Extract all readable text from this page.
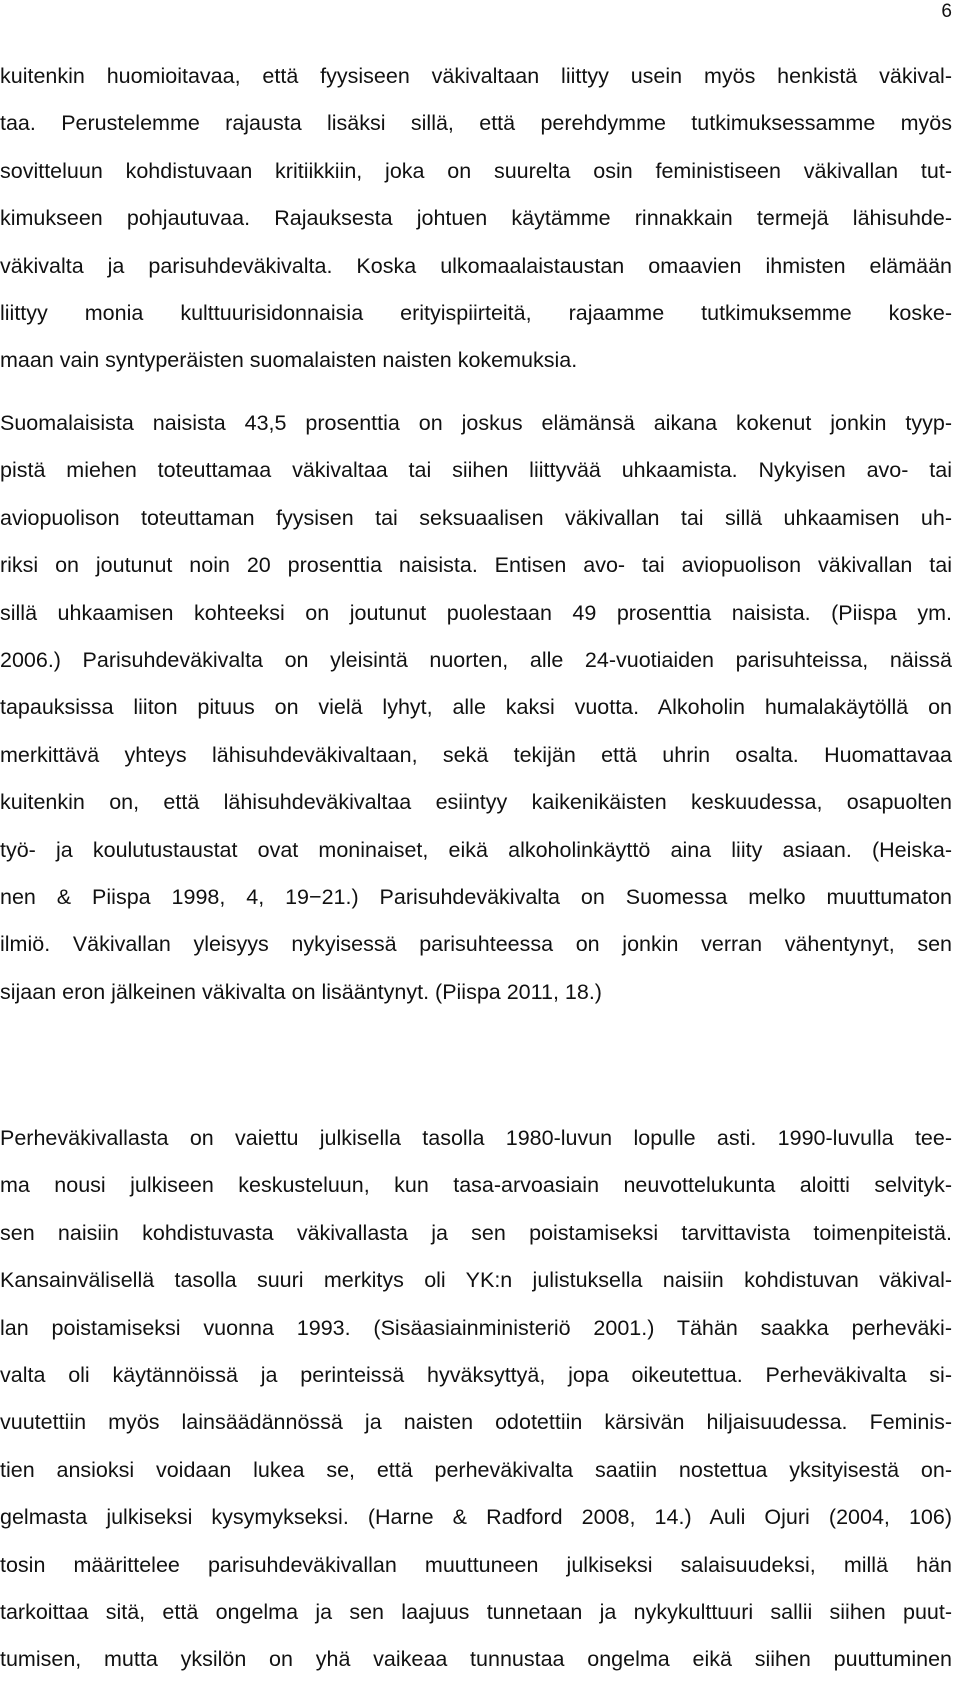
6
kuitenkin huomioitavaa, että fyysiseen väkivaltaan liittyy usein myös henkistä väkival-
taa. Perustelemme rajausta lisäksi sillä, että perehdymme tutkimuksessamme myös
sovitteluun kohdistuvaan kritiikkiin, joka on suurelta osin feministiseen väkivallan tut-
kimukseen pohjautuvaa. Rajauksesta johtuen käytämme rinnakkain termejä lähisuhde-
väkivalta ja parisuhdeväkivalta. Koska ulkomaalaistaustan omaavien ihmisten elämään
liittyy monia kulttuurisidonnaisia erityispiirteitä, rajaamme tutkimuksemme koske-
maan vain syntyperäisten suomalaisten naisten kokemuksia.
Suomalaisista naisista 43,5 prosenttia on joskus elämänsä aikana kokenut jonkin tyyp-
pistä miehen toteuttamaa väkivaltaa tai siihen liittyvää uhkaamista. Nykyisen avo- tai
aviopuolison toteuttaman fyysisen tai seksuaalisen väkivallan tai sillä uhkaamisen uh-
riksi on joutunut noin 20 prosenttia naisista. Entisen avo- tai aviopuolison väkivallan tai
sillä uhkaamisen kohteeksi on joutunut puolestaan 49 prosenttia naisista. (Piispa ym.
2006.) Parisuhdeväkivalta on yleisintä nuorten, alle 24-vuotiaiden parisuhteissa, näissä
tapauksissa liiton pituus on vielä lyhyt, alle kaksi vuotta. Alkoholin humalakäytöllä on
merkittävä yhteys lähisuhdeväkivaltaan, sekä tekijän että uhrin osalta. Huomattavaa
kuitenkin on, että lähisuhdeväkivaltaa esiintyy kaikenikäisten keskuudessa, osapuolten
työ- ja koulutustaustat ovat moninaiset, eikä alkoholinkäyttö aina liity asiaan. (Heiska-
nen & Piispa 1998, 4, 19−21.) Parisuhdeväkivalta on Suomessa melko muuttumaton
ilmiö. Väkivallan yleisyys nykyisessä parisuhteessa on jonkin verran vähentynyt, sen
sijaan eron jälkeinen väkivalta on lisääntynyt. (Piispa 2011, 18.)
Perheväkivallasta on vaiettu julkisella tasolla 1980-luvun lopulle asti. 1990-luvulla tee-
ma nousi julkiseen keskusteluun, kun tasa-arvoasiain neuvottelukunta aloitti selvityk-
sen naisiin kohdistuvasta väkivallasta ja sen poistamiseksi tarvittavista toimenpiteistä.
Kansainvälisellä tasolla suuri merkitys oli YK:n julistuksella naisiin kohdistuvan väkival-
lan poistamiseksi vuonna 1993. (Sisäasiainministeriö 2001.) Tähän saakka perheväki-
valta oli käytännöissä ja perinteissä hyväksyttyä, jopa oikeutettua. Perheväkivalta si-
vuutettiin myös lainsäädännössä ja naisten odotettiin kärsivän hiljaisuudessa. Feminis-
tien ansioksi voidaan lukea se, että perheväkivalta saatiin nostettua yksityisestä on-
gelmasta julkiseksi kysymykseksi. (Harne & Radford 2008, 14.) Auli Ojuri (2004, 106)
tosin määrittelee parisuhdeväkivallan muuttuneen julkiseksi salaisuudeksi, millä hän
tarkoittaa sitä, että ongelma ja sen laajuus tunnetaan ja nykykulttuuri sallii siihen puut-
tumisen, mutta yksilön on yhä vaikeaa tunnustaa ongelma eikä siihen puuttuminen
